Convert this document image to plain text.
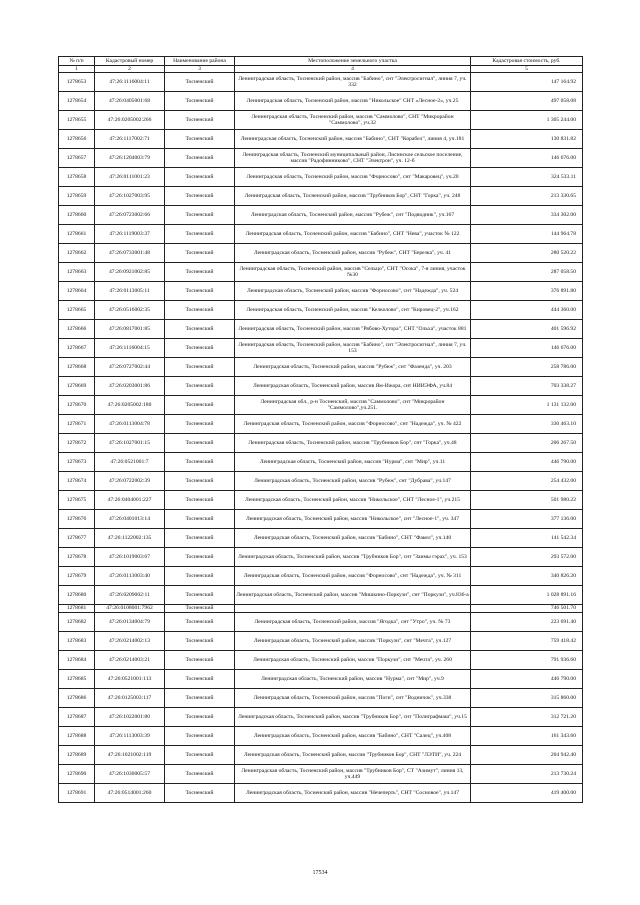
№ п/п	Кадастровый номер	Наименование района	Местоположение земельного участка	Кадастровая стоимость, руб.
1	2	3	4	5
1278653	47:26:1116004:11	Тосненский	Ленинградская область, Тосненский район, массив "Бабино", снт "Электросигнал", линия 7, уч. 332	147 164.92
1278654	47:26:0405001:68	Тосненский	Ленинградская область, Тосненский район, массив "Никольское" СНТ «Лесное-2», уч.25	497 058.08
1278655	47:26:0205002:266	Тосненский	Ленинградская область, Тосненский район, массив "Саммолово", СНТ "Микрорайон "Саммолово", уч.32	1 305 244.00
1278656	47:26:1117002:71	Тосненский	Ленинградская область, Тосненский район, массив "Бабино", СНТ "Корабел", линия 4, уч.181	130 831.82
1278657	47:26:1204003:79	Тосненский	Ленинградская область, Тосненский муниципальный район, Лисинское сельское поселение, массив "Радофинниково", СНТ "Электрон", уч. 12-б	146 676.00
1278658	47:26:0111001:23	Тосненский	Ленинградская область, Тосненский район, массив "Форносово", снт "Макаровец", уч.20	324 533.11
1278659	47:26:1027003:95	Тосненский	Ленинградская область, Тосненский район, массив "Трубников Бор", СНТ "Горка", уч. 248	213 330.65
1278660	47:26:0723002:66	Тосненский	Ленинградская область, Тосненский район, массив "Рубеж", снт "Подводник", уч.167	334 302.00
1278661	47:26:1119003:37	Тосненский	Ленинградская область, Тосненский район, массив "Бабино", СНТ "Нева", участок № 122	144 964.78
1278662	47:26:0733001:48	Тосненский	Ленинградская область, Тосненский район, массив "Рубеж", СНТ "Березка", уч. 41	280 520.22
1278663	47:26:0921002:85	Тосненский	Ленинградская область, Тосненский район, массив "Сельцо", СНТ "Осока", 7-я линия, участок №30	287 058.50
1278664	47:26:0113005:11	Тосненский	Ленинградская область, Тосненский район, массив "Форносово", снт "Надежда", уч. 524	376 891.80
1278665	47:26:0516002:35	Тосненский	Ленинградская область, Тосненский район, массив "Келколово", снт "Кировец-2", уч.162	444 360.00
1278666	47:26:0817001:85	Тосненский	Ленинградская область, Тосненский район, массив "Рябово-Хутора", СНТ "Ольха", участок 881	401 596.92
1278667	47:26:1116004:15	Тосненский	Ленинградская область, Тосненский район, массив "Бабино", снт "Электросигнал", линия 7, уч. 153	146 676.00
1278668	47:26:0727002:44	Тосненский	Ленинградская область, Тосненский район, массив "Рубеж", снт "Фазенда", уч. 203	258 786.00
1278669	47:26:0203001:86	Тосненский	Ленинградская область, Тосненский район, массив Ям-Ижора, снт НИИЭФА, уч.84	703 338.27
1278670	47:26:0205002:180	Тосненский	Ленинградская обл., р-н Тосненский, массив "Саммолово", снт "Микрорайон "Саммолово",уч.251.	1 131 132.00
1278671	47:26:0113004:78	Тосненский	Ленинградская область, Тосненский район, массив "Форносово", снт "Надежда", уч. № 422	330 463.10
1278672	47:26:1027001:15	Тосненский	Ленинградская область, Тосненский район, массив "Трубников Бор", снт "Горка", уч.48	206 267.50
1278673	47:26:0521001:7	Тосненский	Ленинградская область, Тосненский район, массив "Нурма", снт "Мир", уч.11	446 790.00
1278674	47:26:0722002:39	Тосненский	Ленинградская область, Тосненский район, массив "Рубеж", снт "Дубрава", уч.147	254 432.00
1278675	47:26:0404001:227	Тосненский	Ленинградская область, Тосненский район, массив "Никольское", СНТ "Лесное-1", уч.215	501 980.22
1278676	47:26:0401013:14	Тосненский	Ленинградская область, Тосненский район, массив "Никольское", снт "Лесное-1", уч. 347	377 136.00
1278677	47:26:1122002:135	Тосненский	Ленинградская область, Тосненский район, массив "Бабино", СНТ "Факел", уч.140	141 542.34
1278678	47:26:1019003:67	Тосненский	Ленинградская область, Тосненский район, массив "Трубников Бор", снт "Заимы гэрах", уч. 153	293 572.00
1278679	47:26:0113003:40	Тосненский	Ленинградская область, Тосненский район, массив "Форносово", снт "Надежда", уч. № 311	340 826.20
1278680	47:26:0209002:11	Тосненский	Ленинградская область, Тосненский район, массив "Мишкино-Поркузи", снт "Поркузи", уч.836-а	1 028 891.16
1278681	47:26:0108001:7962	Тосненский		746 501.70
1278682	47:26:0134004:79	Тосненский	Ленинградская область, Тосненский район, массив "Ягодка", снт "Утро", уч. № 73	223 691.40
1278683	47:26:0214002:13	Тосненский	Ленинградская область, Тосненский район, массив "Поркузи", снт "Мечта", уч.127	759 418.42
1278684	47:26:0214003:21	Тосненский	Ленинградская область, Тосненский район, массив "Поркузи", снт "Мечта", уч. 260	791 936.60
1278685	47:26:0521001:113	Тосненский	Ленинградская область, Тосненский район, массив "Нурма", снт "Мир", уч.9	446 790.00
1278686	47:26:0125003:117	Тосненский	Ленинградская область, Тосненский район, массив "Поги", снт "Водничок", уч.338	315 860.00
1278687	47:26:1022001:80	Тосненский	Ленинградская область, Тосненский район, массив "Трубников Бор", снт "Полиграфмаш", уч.15	312 721.20
1278688	47:26:1113003:39	Тосненский	Ленинградская область, Тосненский район, массив "Бабино", СНТ "Салец", уч.408	161 343.60
1278689	47:26:1021002:119	Тосненский	Ленинградская область, Тосненский район, массив "Трубников Бор", СНТ "ЛЭТИ", уч. 224	204 942.40
1278690	47:26:1030005:57	Тосненский	Ленинградская область, Тосненский район, массив "Трубников Бор", СТ "Азимут", линия 13, уч.449	213 730.24
1278691	47:26:0514001:260	Тосненский	Ленинградская область, Тосненский район, массив "Нечеперть", СНТ "Сосновое", уч.147	419 400.00
17534
